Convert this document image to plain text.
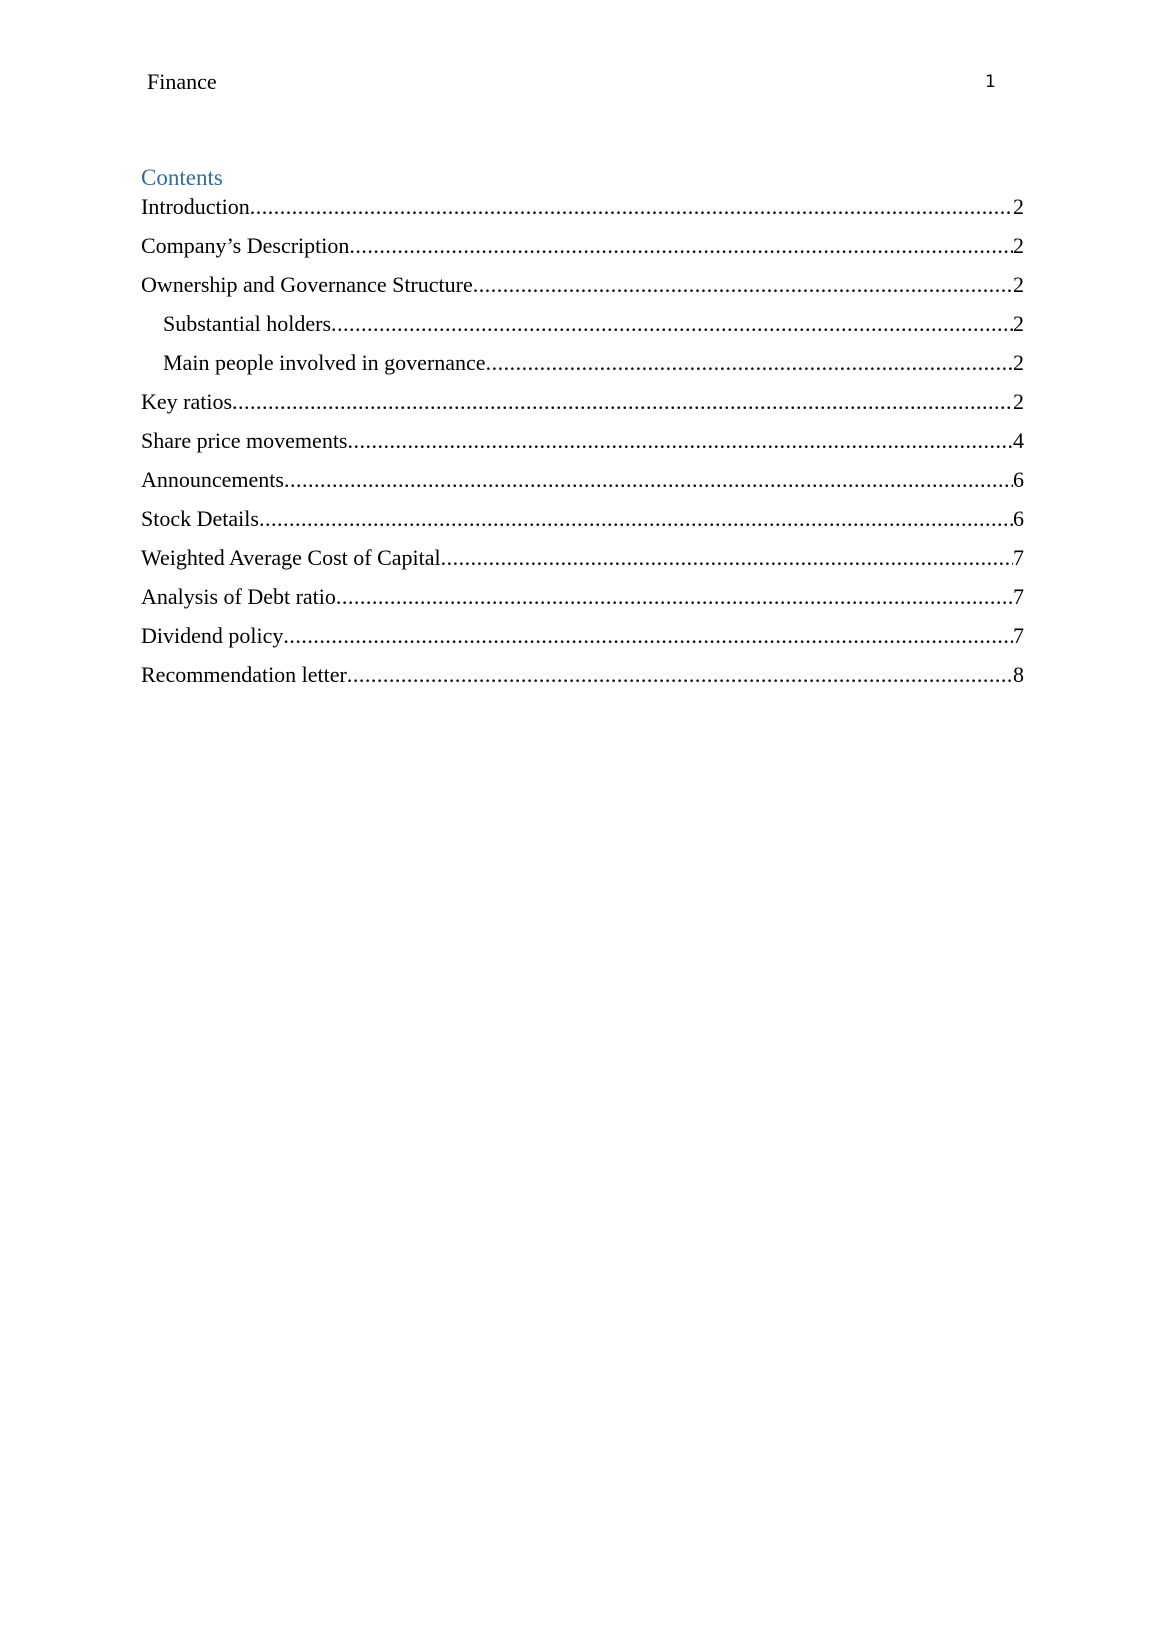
Finance	1
Contents
Introduction .....	2
Company’s Description .....	2
Ownership and Governance Structure .....	2
Substantial holders .....	2
Main people involved in governance .....	2
Key ratios .....	2
Share price movements .....	4
Announcements .....	6
Stock Details .....	6
Weighted Average Cost of Capital .....	7
Analysis of Debt ratio .....	7
Dividend policy .....	7
Recommendation letter .....	8
